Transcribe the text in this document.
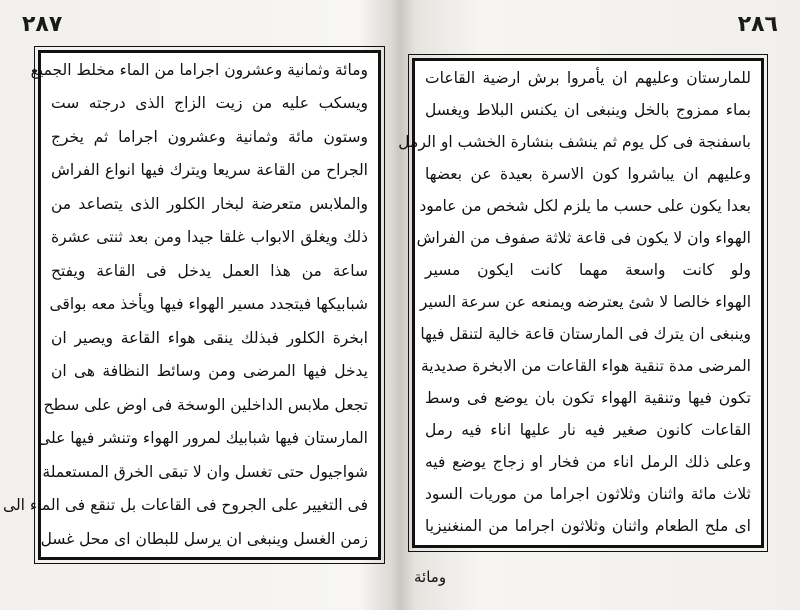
٢٨٧
ومائة وثمانية وعشرون اجراما من الماء مخلط الجميع
ويسكب عليه من زيت الزاج الذى درجته ست
وستون مائة وثمانية وعشرون اجراما ثم يخرج
الجراح من القاعة سريعا ويترك فيها انواع الفراش
والملابس متعرضة لبخار الكلور الذى يتصاعد من
ذلك ويغلق الابواب غلقا جيدا ومن بعد ثنتى عشرة
ساعة من هذا العمل يدخل فى القاعة ويفتح
شبابيكها فيتجدد مسير الهواء فيها ويأخذ معه بواقى
ابخرة الكلور فبذلك ينقى هواء القاعة ويصير ان
يدخل فيها المرضى ومن وسائط النظافة هى ان
تجعل ملابس الداخلين الوسخة فى اوض على سطح
المارستان فيها شبابيك لمرور الهواء وتنشر فيها على
شواجيول حتى تغسل وان لا تبقى الخرق المستعملة
فى التغيير على الجروح فى القاعات بل تنقع فى الماء الى
زمن الغسل وينبغى ان يرسل للبطان اى محل غسل
٢٨٦
للمارستان وعليهم ان يأمروا برش ارضية القاعات
بماء ممزوج بالخل وينبغى ان يكنس البلاط ويغسل
باسفنجة فى كل يوم ثم ينشف بنشارة الخشب او الرمل
وعليهم ان يباشروا كون الاسرة بعيدة عن بعضها
بعدا يكون على حسب ما يلزم لكل شخص من عامود
الهواء وان لا يكون فى قاعة ثلاثة صفوف من الفراش
ولو كانت واسعة مهما كانت ايكون مسير
الهواء خالصا لا شئ يعترضه ويمنعه عن سرعة السير
وينبغى ان يترك فى المارستان قاعة خالية لتنقل فيها
المرضى مدة تنقية هواء القاعات من الابخرة صديدية
تكون فيها وتنقية الهواء تكون بان يوضع فى وسط
القاعات كانون صغير فيه نار عليها اناء فيه رمل
وعلى ذلك الرمل اناء من فخار او زجاج يوضع فيه
ثلاث مائة واثنان وثلاثون اجراما من موريات السود
اى ملح الطعام واثنان وثلاثون اجراما من المنغنيزيا
ومائة
